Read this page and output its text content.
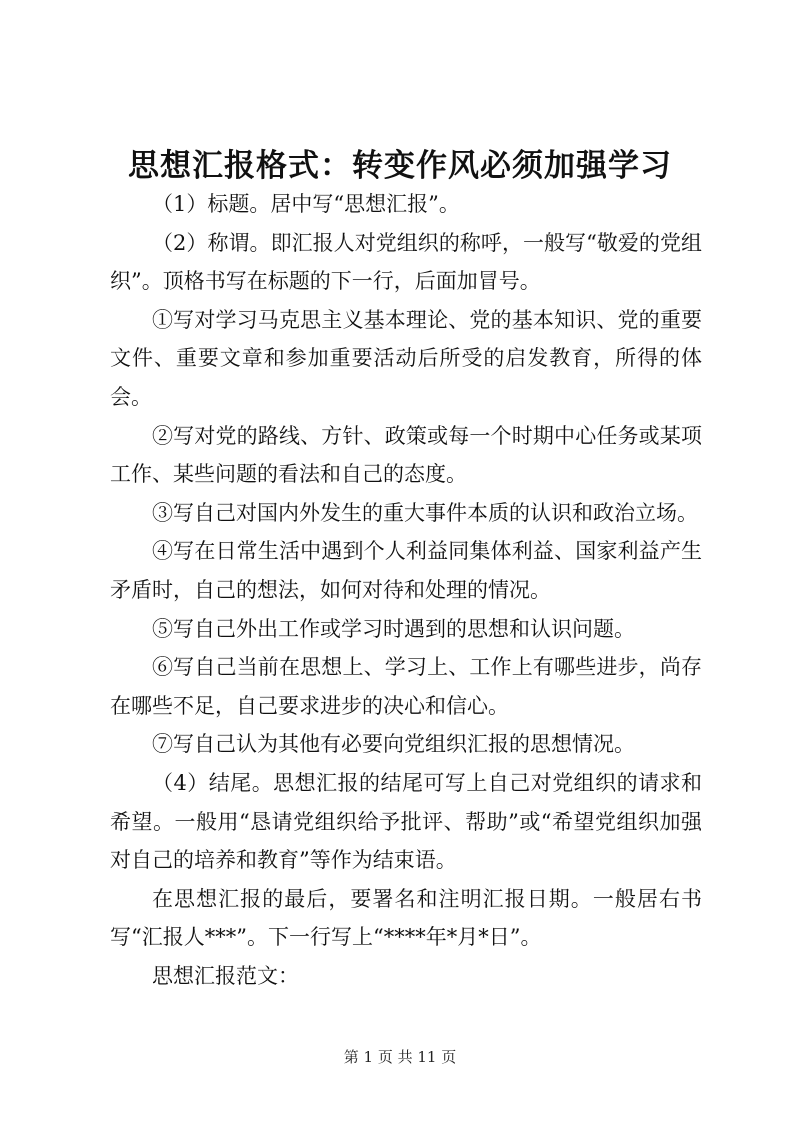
思想汇报格式：转变作风必须加强学习

（1）标题。居中写“思想汇报”。

（2）称谓。即汇报人对党组织的称呼，一般写“敬爱的党组织”。顶格书写在标题的下一行，后面加冒号。

①写对学习马克思主义基本理论、党的基本知识、党的重要文件、重要文章和参加重要活动后所受的启发教育，所得的体会。

②写对党的路线、方针、政策或每一个时期中心任务或某项工作、某些问题的看法和自己的态度。

③写自己对国内外发生的重大事件本质的认识和政治立场。

④写在日常生活中遇到个人利益同集体利益、国家利益产生矛盾时，自己的想法，如何对待和处理的情况。

⑤写自己外出工作或学习时遇到的思想和认识问题。

⑥写自己当前在思想上、学习上、工作上有哪些进步，尚存在哪些不足，自己要求进步的决心和信心。

⑦写自己认为其他有必要向党组织汇报的思想情况。

（4）结尾。思想汇报的结尾可写上自己对党组织的请求和希望。一般用“恳请党组织给予批评、帮助”或“希望党组织加强对自己的培养和教育”等作为结束语。

在思想汇报的最后，要署名和注明汇报日期。一般居右书写“汇报人***”。下一行写上“****年*月*日”。

思想汇报范文：

第 1 页 共 11 页
